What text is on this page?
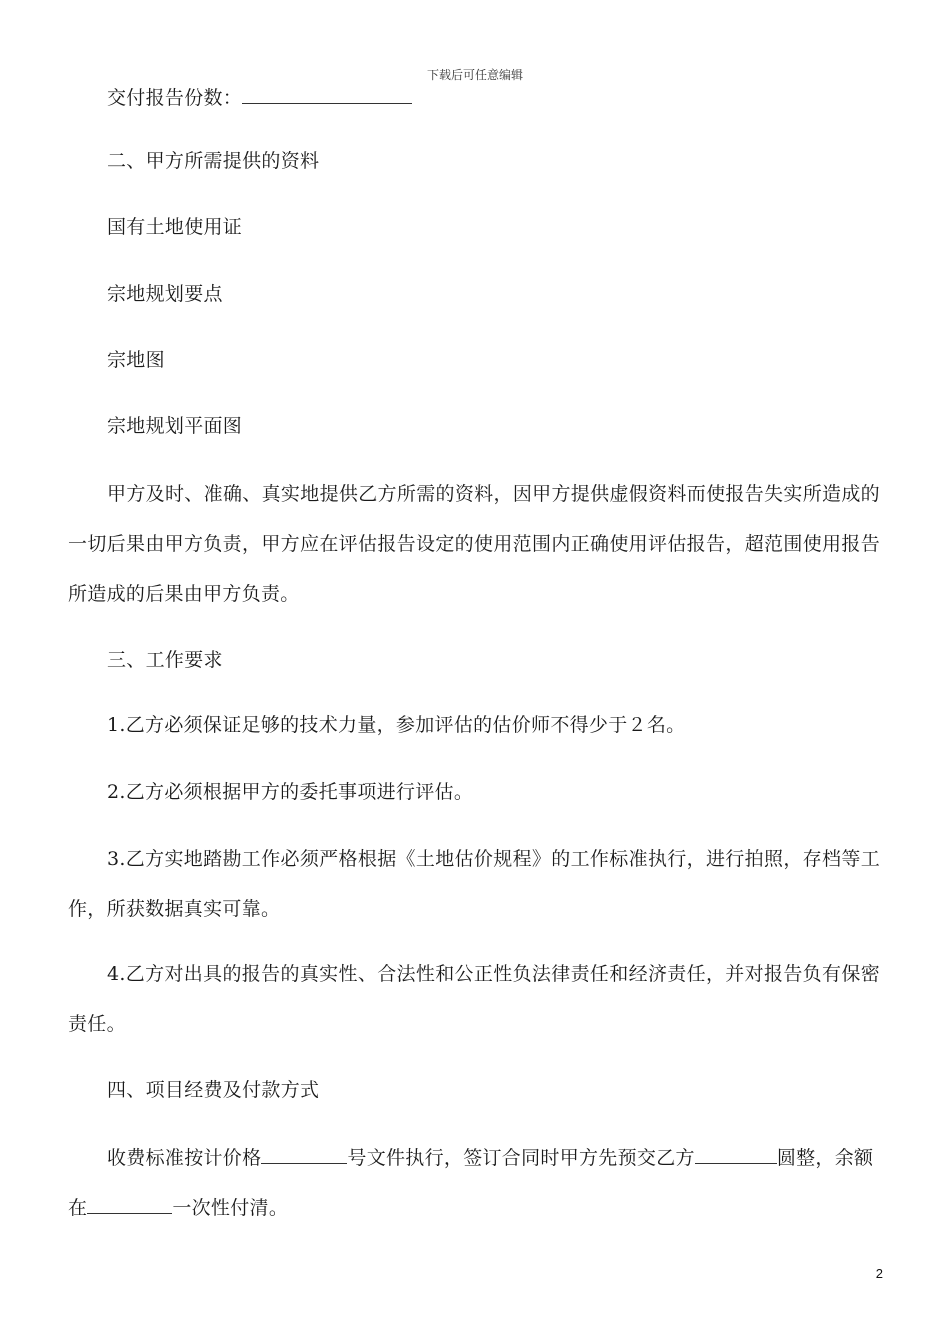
下载后可任意编辑
交付报告份数：
二、甲方所需提供的资料
国有土地使用证
宗地规划要点
宗地图
宗地规划平面图
甲方及时、准确、真实地提供乙方所需的资料，因甲方提供虚假资料而使报告失实所造成的
一切后果由甲方负责，甲方应在评估报告设定的使用范围内正确使用评估报告，超范围使用报告
所造成的后果由甲方负责。
三、工作要求
1.乙方必须保证足够的技术力量，参加评估的估价师不得少于２名。
2.乙方必须根据甲方的委托事项进行评估。
3.乙方实地踏勘工作必须严格根据《土地估价规程》的工作标准执行，进行拍照，存档等工
作，所获数据真实可靠。
4.乙方对出具的报告的真实性、合法性和公正性负法律责任和经济责任，并对报告负有保密
责任。
四、项目经费及付款方式
收费标准按计价格	号文件执行，签订合同时甲方先预交乙方	圆整，余额
在	一次性付清。
2
